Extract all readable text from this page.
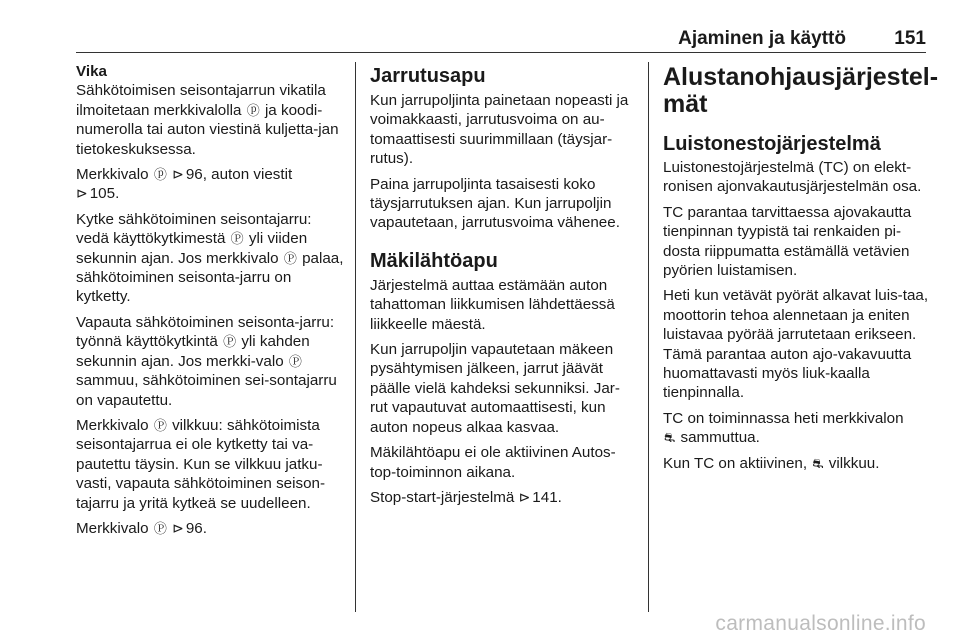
Ajaminen ja käyttö	151
Vika

Sähkötoimisen seisontajarrun vikatila ilmoitetaan merkkivalolla ⓟ ja koodi-numerolla tai auton viestinä kuljetta-jan tietokeskuksessa.

Merkkivalo ⓟ ⊳ 96, auton viestit
⊳ 105.

Kytke sähkötoiminen seisontajarru: vedä käyttökytkimestä Ⓟ yli viiden sekunnin ajan. Jos merkkivalo Ⓟ palaa, sähkötoiminen seisonta-jarru on kytketty.

Vapauta sähkötoiminen seisonta-jarru: työnnä käyttökytkintä Ⓟ yli kahden sekunnin ajan. Jos merkki-valo Ⓟ sammuu, sähkötoiminen sei-sontajarru on vapautettu.

Merkkivalo Ⓟ vilkkuu: sähkötoimista seisontajarrua ei ole kytketty tai va-pautettu täysin. Kun se vilkkuu jatku-vasti, vapauta sähkötoiminen seison-tajarru ja yritä kytkeä se uudelleen.

Merkkivalo Ⓟ ⊳ 96.

Jarrutusapu

Kun jarrupoljinta painetaan nopeasti ja voimakkaasti, jarrutusvoima on au-tomaattisesti suurimmillaan (täysjar-rutus).

Paina jarrupoljinta tasaisesti koko täysjarrutuksen ajan. Kun jarrupoljin vapautetaan, jarrutusvoima vähenee.

Mäkilähtöapu

Järjestelmä auttaa estämään auton tahattoman liikkumisen lähdettäessä liikkeelle mäestä.

Kun jarrupoljin vapautetaan mäkeen pysähtymisen jälkeen, jarrut jäävät päälle vielä kahdeksi sekunniksi. Jar-rut vapautuvat automaattisesti, kun auton nopeus alkaa kasvaa.

Mäkilähtöapu ei ole aktiivinen Autos-top-toiminnon aikana.

Stop-start-järjestelmä ⊳ 141.

Alustanohjausjärjestel-mät
Luistonestojärjestelmä

Luistonestojärjestelmä (TC) on elekt-ronisen ajonvakautusjärjestelmän osa.

TC parantaa tarvittaessa ajovakautta tienpinnan tyypistä tai renkaiden pi-dosta riippumatta estämällä vetävien pyörien luistamisen.

Heti kun vetävät pyörät alkavat luis-taa, moottorin tehoa alennetaan ja eniten luistavaa pyörää jarrutetaan erikseen. Tämä parantaa auton ajo-vakavuutta huomattavasti myös liuk-kaalla tienpinnalla.

TC on toiminnassa heti merkkivalon
⛐ sammuttua.

Kun TC on aktiivinen, ⛐ vilkkuu.

carmanualsonline.info
